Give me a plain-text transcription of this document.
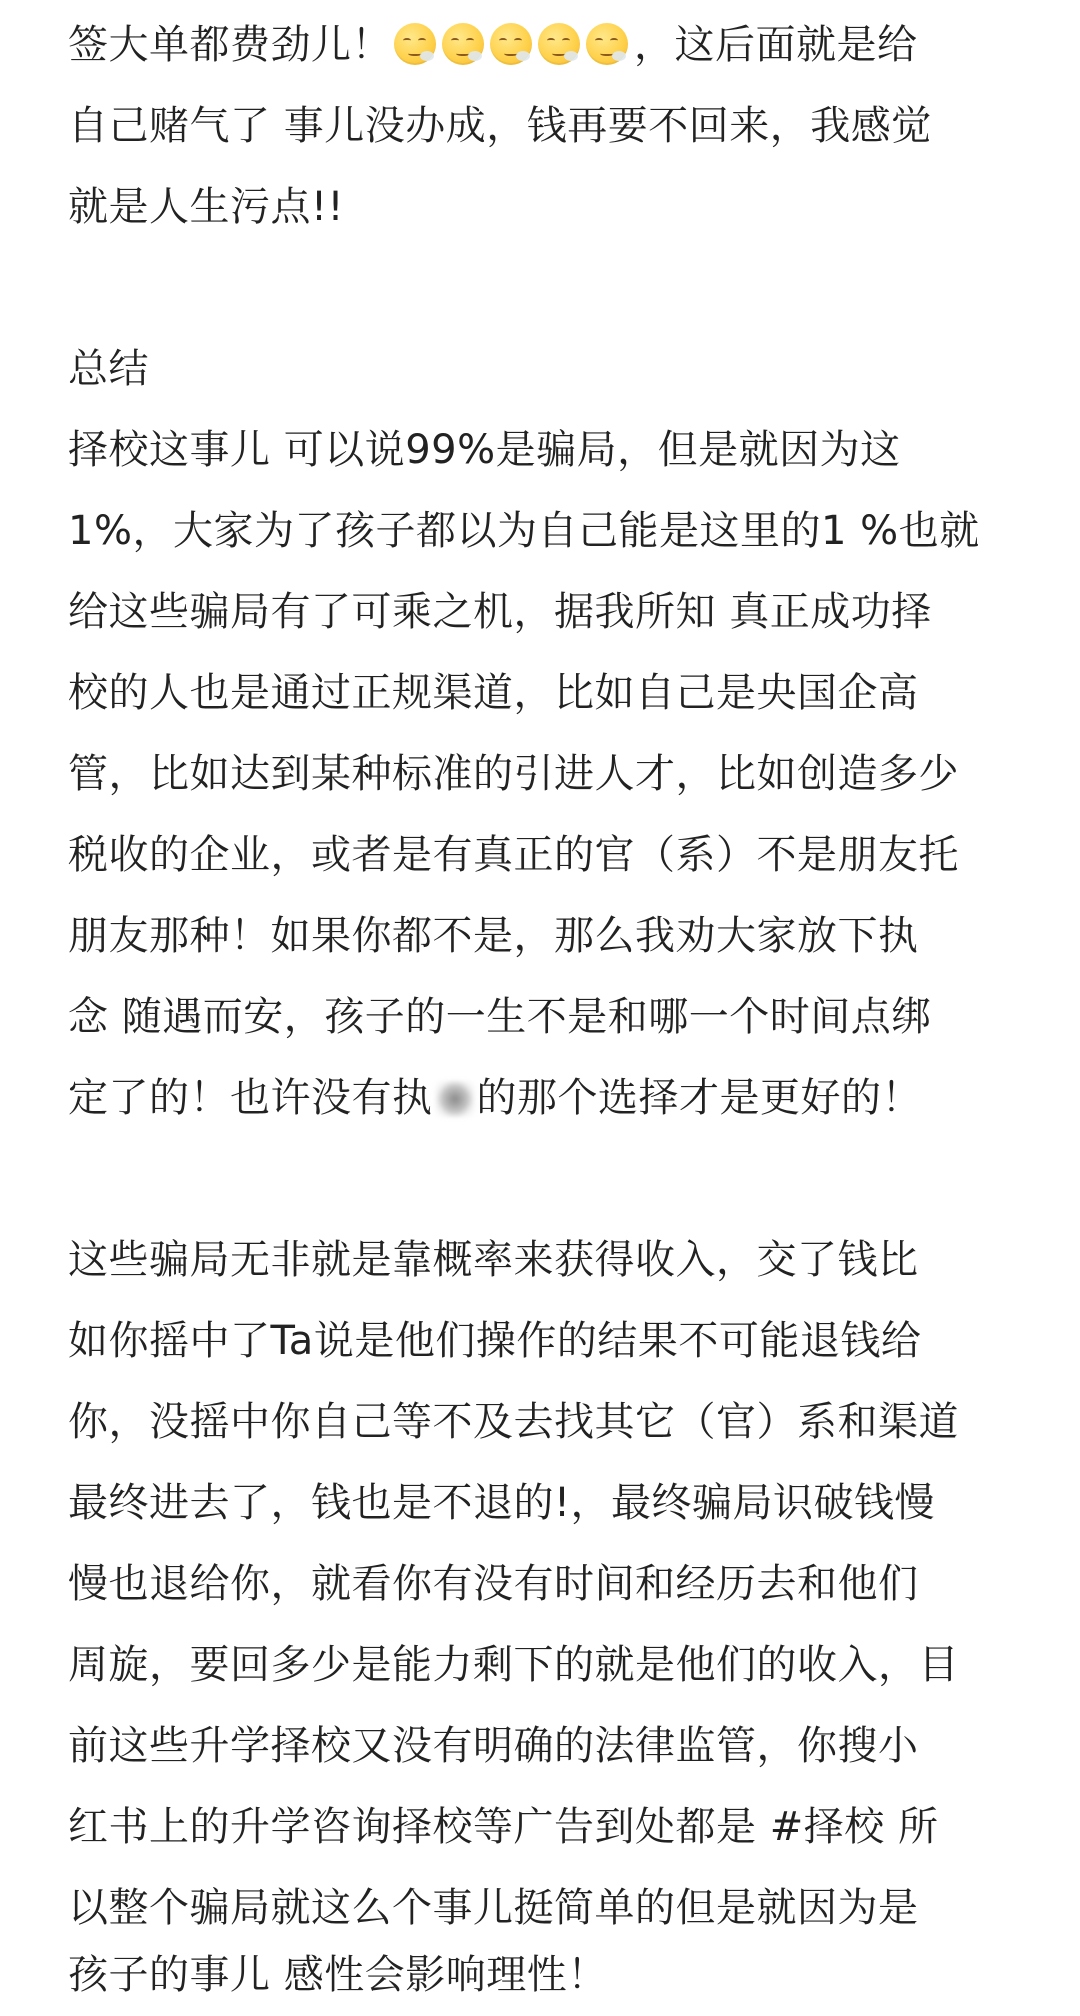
签大单都费劲儿！	，这后面就是给
自己赌气了 事儿没办成，钱再要不回来，我感觉
就是人生污点!!
总结
择校这事儿 可以说99%是骗局，但是就因为这
1%，大家为了孩子都以为自己能是这里的1 %也就
给这些骗局有了可乘之机，据我所知 真正成功择
校的人也是通过正规渠道，比如自己是央国企高
管，比如达到某种标准的引进人才，比如创造多少
税收的企业，或者是有真正的官（系）不是朋友托
朋友那种！如果你都不是，那么我劝大家放下执
念 随遇而安，孩子的一生不是和哪一个时间点绑
定了的！也许没有执 的那个选择才是更好的！
这些骗局无非就是靠概率来获得收入，交了钱比
如你摇中了Ta说是他们操作的结果不可能退钱给
你，没摇中你自己等不及去找其它（官）系和渠道
最终进去了，钱也是不退的!，最终骗局识破钱慢
慢也退给你，就看你有没有时间和经历去和他们
周旋，要回多少是能力剩下的就是他们的收入，目
前这些升学择校又没有明确的法律监管，你搜小
红书上的升学咨询择校等广告到处都是 #择校 所
以整个骗局就这么个事儿挺简单的但是就因为是
孩子的事儿 感性会影响理性！
